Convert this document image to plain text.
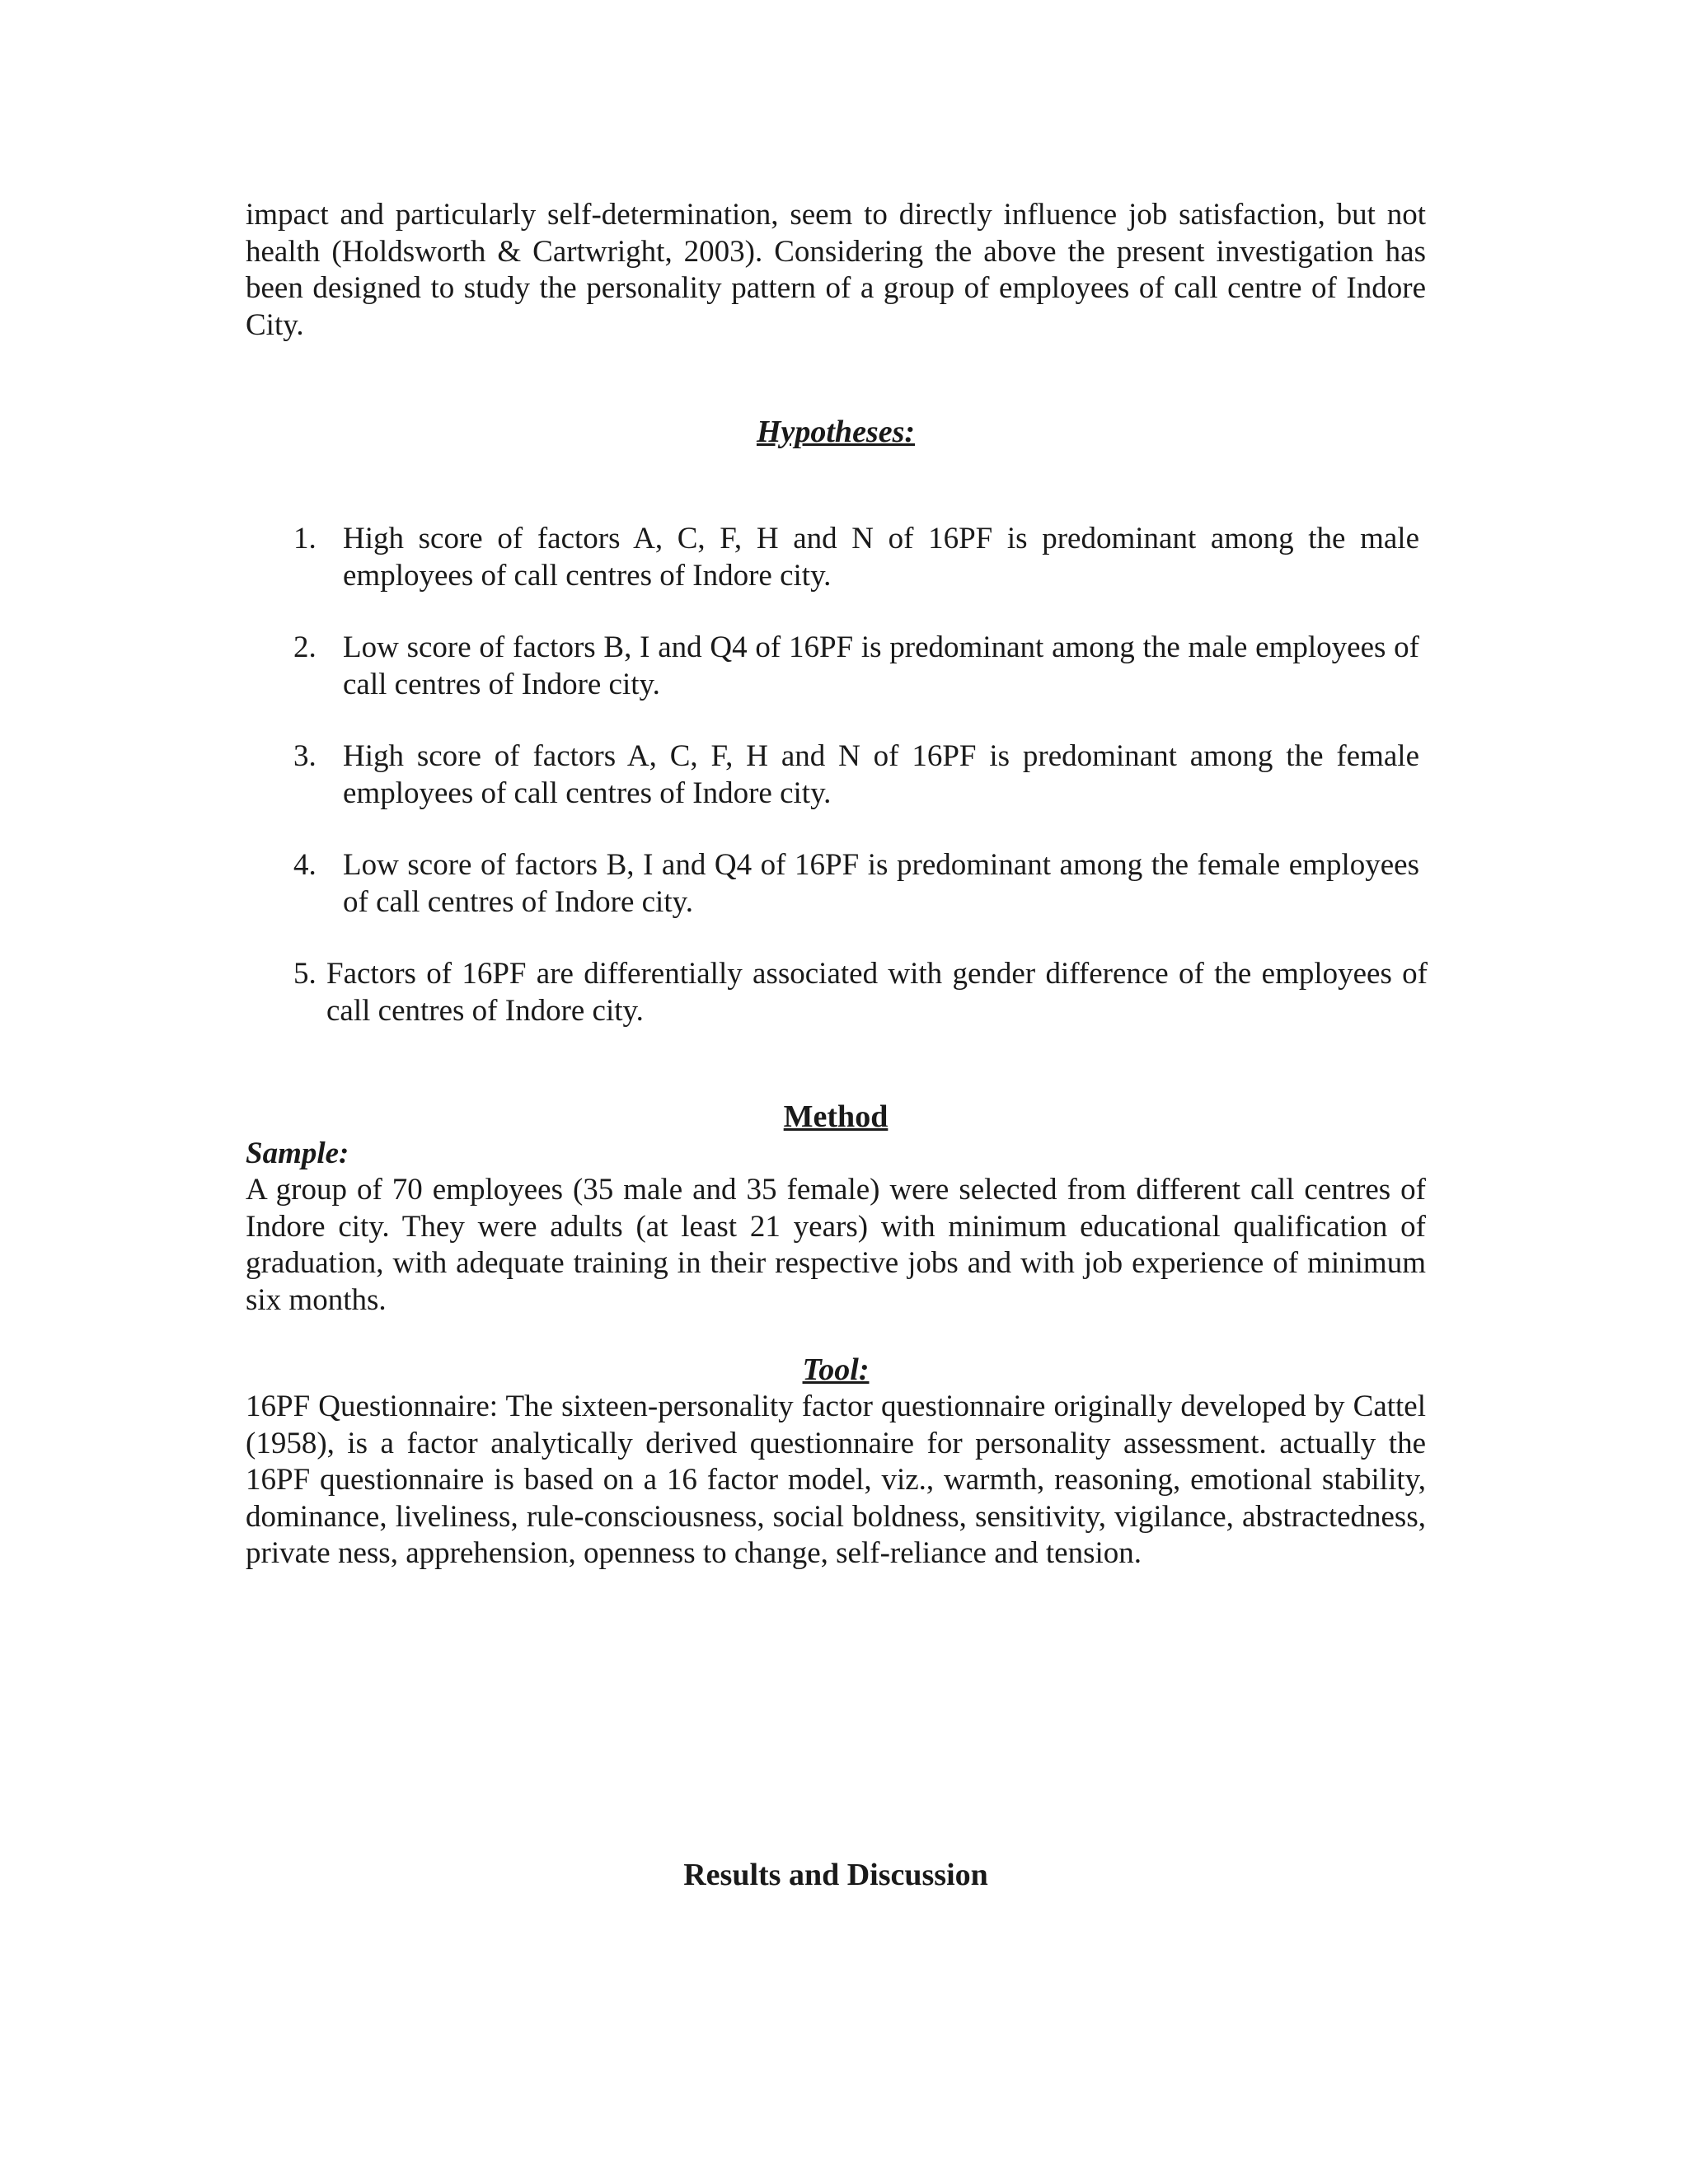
impact and particularly self-determination, seem to directly influence job satisfaction, but not health (Holdsworth & Cartwright, 2003). Considering the above the present investigation has been designed to study the personality pattern of a group of employees of call centre of Indore City.

Hypotheses:

1. High score of factors A, C, F, H and N of 16PF is predominant among the male employees of call centres of Indore city.
2. Low score of factors B, I and Q4 of 16PF is predominant among the male employees of call centres of Indore city.
3. High score of factors A, C, F, H and N of 16PF is predominant among the female employees of call centres of Indore city.
4. Low score of factors B, I and Q4 of 16PF is predominant among the female employees of call centres of Indore city.
5. Factors of 16PF are differentially associated with gender difference of the employees of call centres of Indore city.

Method

Sample:

A group of 70 employees (35 male and 35 female) were selected from different call centres of Indore city. They were adults (at least 21 years) with minimum educational qualification of graduation, with adequate training in their respective jobs and with job experience of minimum six months.

Tool:

16PF Questionnaire: The sixteen-personality factor questionnaire originally developed by Cattel (1958), is a factor analytically derived questionnaire for personality assessment. actually the 16PF questionnaire is based on a 16 factor model, viz., warmth, reasoning, emotional stability, dominance, liveliness, rule-consciousness, social boldness, sensitivity, vigilance, abstractedness, private ness, apprehension, openness to change, self-reliance and tension.

Results and Discussion
